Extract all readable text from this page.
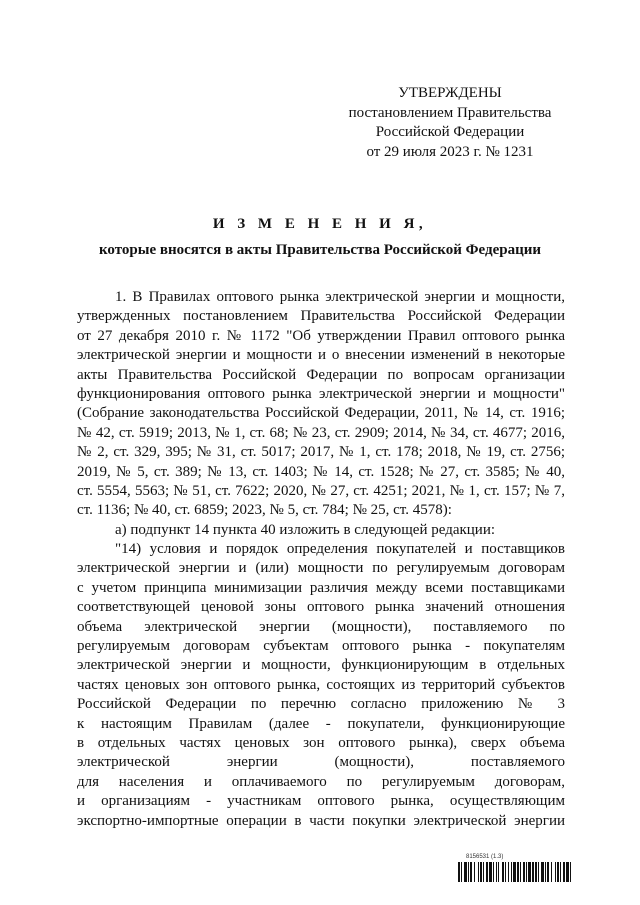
УТВЕРЖДЕНЫ
постановлением Правительства
Российской Федерации
от 29 июля 2023 г. № 1231
И З М Е Н Е Н И Я,
которые вносятся в акты Правительства Российской Федерации
1. В Правилах оптового рынка электрической энергии и мощности,
утвержденных постановлением Правительства Российской Федерации
от 27 декабря 2010 г. № 1172 "Об утверждении Правил оптового рынка
электрической энергии и мощности и о внесении изменений в некоторые
акты Правительства Российской Федерации по вопросам организации
функционирования оптового рынка электрической энергии и мощности"
(Собрание законодательства Российской Федерации, 2011, № 14, ст. 1916;
№ 42, ст. 5919; 2013, № 1, ст. 68; № 23, ст. 2909; 2014, № 34, ст. 4677; 2016,
№ 2, ст. 329, 395; № 31, ст. 5017; 2017, № 1, ст. 178; 2018, № 19, ст. 2756;
2019, № 5, ст. 389; № 13, ст. 1403; № 14, ст. 1528; № 27, ст. 3585; № 40,
ст. 5554, 5563; № 51, ст. 7622; 2020, № 27, ст. 4251; 2021, № 1, ст. 157; № 7,
ст. 1136; № 40, ст. 6859; 2023, № 5, ст. 784; № 25, ст. 4578):
а) подпункт 14 пункта 40 изложить в следующей редакции:
"14) условия и порядок определения покупателей и поставщиков
электрической энергии и (или) мощности по регулируемым договорам
с учетом принципа минимизации различия между всеми поставщиками
соответствующей ценовой зоны оптового рынка значений отношения
объема электрической энергии (мощности), поставляемого по
регулируемым договорам субъектам оптового рынка - покупателям
электрической энергии и мощности, функционирующим в отдельных
частях ценовых зон оптового рынка, состоящих из территорий субъектов
Российской Федерации по перечню согласно приложению № 3
к настоящим Правилам (далее - покупатели, функционирующие
в отдельных частях ценовых зон оптового рынка), сверх объема
электрической энергии (мощности), поставляемого
для населения и оплачиваемого по регулируемым договорам,
и организациям - участникам оптового рынка, осуществляющим
экспортно-импортные операции в части покупки электрической энергии
8156531 (1.3)
